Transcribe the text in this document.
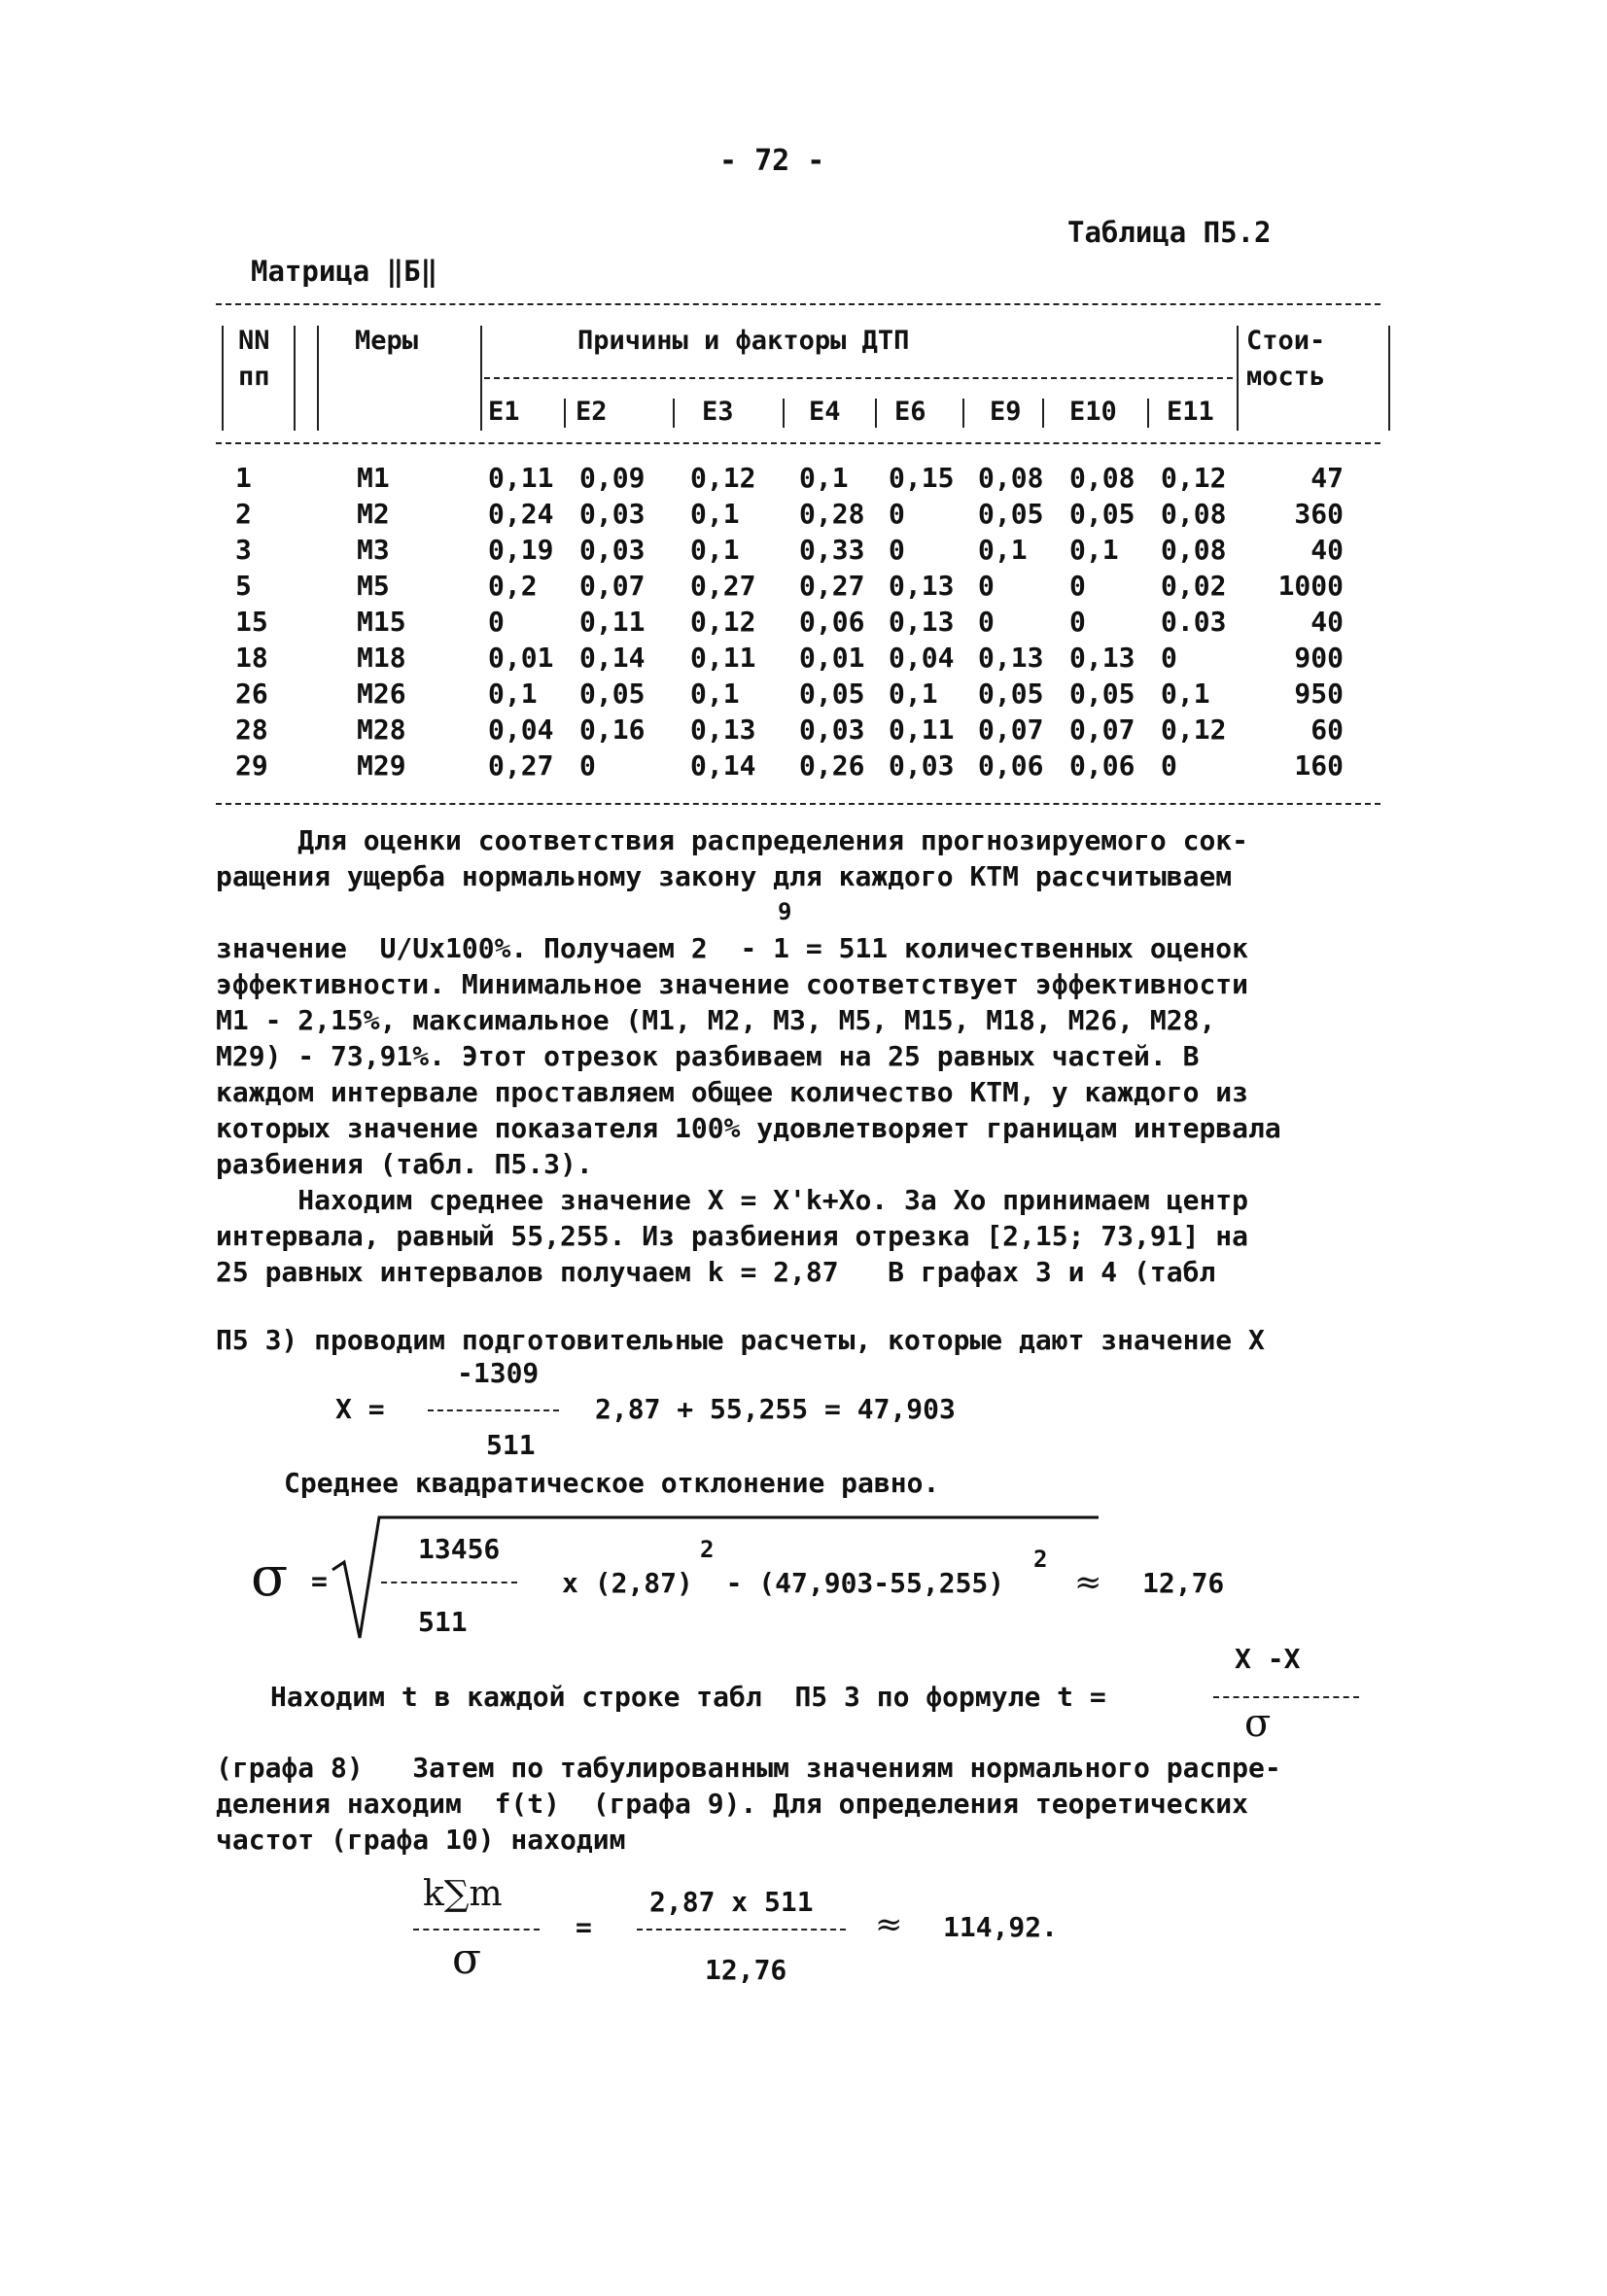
- 72 -
Таблица П5.2
Матрица ‖Б‖
NN
пп
Меры	Причины и факторы ДТП	Стои-
мость
Е1 Е2	Е3	Е4 Е6 Е9 Е10 Е11
1	М1	0,11 0,09 0,12 0,1 0,15 0,08 0,08 0,12	47
2	М2	0,24 0,03 0,1 0,28 0	0,05 0,05 0,08	360
3	М3	0,19 0,03 0,1 0,33 0	0,1 0,1 0,08	40
5	М5	0,2 0,07 0,27 0,27 0,13 0	0	0,02	1000
15	М15	0	0,11 0,12 0,06 0,13 0	0	0.03	40
18	М18	0,01 0,14 0,11 0,01 0,04 0,13 0,13 0	900
26	М26	0,1 0,05 0,1 0,05 0,1 0,05 0,05 0,1	950
28	М28	0,04 0,16 0,13 0,03 0,11 0,07 0,07 0,12	60
29	М29	0,27 0	0,14 0,26 0,03 0,06 0,06 0	160
Для оценки соответствия распределения прогнозируемого сок-
ращения ущерба нормальному закону для каждого КТМ рассчитываем
9
значение  U/Ux100%. Получаем 2  - 1 = 511 количественных оценок
эффективности. Минимальное значение соответствует эффективности
М1 - 2,15%, максимальное (М1, М2, М3, М5, М15, М18, М26, М28,
М29) - 73,91%. Этот отрезок разбиваем на 25 равных частей. В
каждом интервале проставляем общее количество КТМ, у каждого из
которых значение показателя 100% удовлетворяет границам интервала
разбиения (табл. П5.3).
Находим среднее значение X = X'k+Xo. За Xo принимаем центр
интервала, равный 55,255. Из разбиения отрезка [2,15; 73,91] на
25 равных интервалов получаем k = 2,87   В графах 3 и 4 (табл
П5 3) проводим подготовительные расчеты, которые дают значение X
-1309
X =	2,87 + 55,255 = 47,903
511
Среднее квадратическое отклонение равно.
σ =
13456
511
x (2,87)  - (47,903-55,255)
2	2
≈ 12,76
X -X
Находим t в каждой строке табл  П5 3 по формуле t =
σ
(графа 8)   Затем по табулированным значениям нормального распре-
деления находим  f(t)  (графа 9). Для определения теоретических
частот (графа 10) находим
k∑m
σ
=
2,87 x 511
12,76
≈ 114,92.
